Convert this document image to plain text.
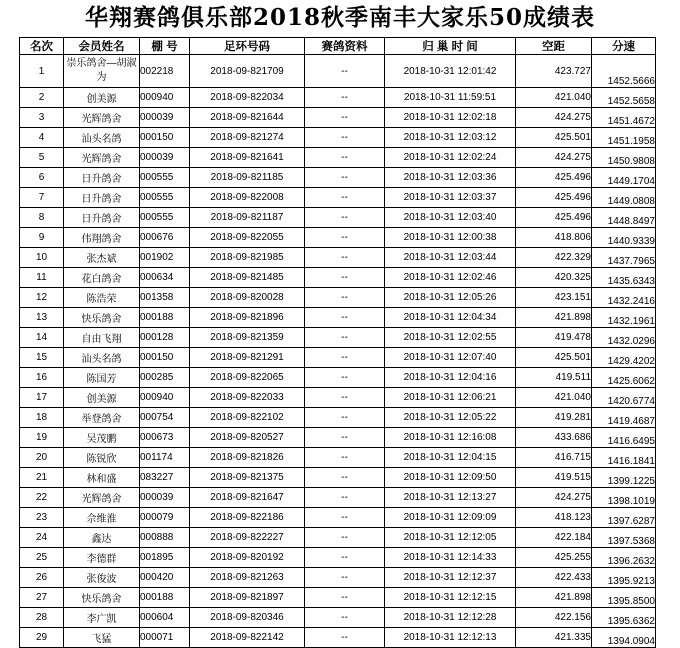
华翔赛鸽俱乐部2018秋季南丰大家乐50成绩表
名次	会员姓名	棚 号	足环号码	赛鸽资料	归 巢 时 间	空距	分速
1	崇乐鸽舍—胡淑为	002218	2018-09-821709	--	2018-10-31 12:01:42	423.727	1452.5666
2	创美源	000940	2018-09-822034	--	2018-10-31 11:59:51	421.040	1452.5658
3	光辉鸽舍	000039	2018-09-821644	--	2018-10-31 12:02:18	424.275	1451.4672
4	汕头名鸽	000150	2018-09-821274	--	2018-10-31 12:03:12	425.501	1451.1958
5	光辉鸽舍	000039	2018-09-821641	--	2018-10-31 12:02:24	424.275	1450.9808
6	日升鸽舍	000555	2018-09-821185	--	2018-10-31 12:03:36	425.496	1449.1704
7	日升鸽舍	000555	2018-09-822008	--	2018-10-31 12:03:37	425.496	1449.0808
8	日升鸽舍	000555	2018-09-821187	--	2018-10-31 12:03:40	425.496	1448.8497
9	伟翔鸽舍	000676	2018-09-822055	--	2018-10-31 12:00:38	418.806	1440.9339
10	张杰斌	001902	2018-09-821985	--	2018-10-31 12:03:44	422.329	1437.7965
11	花白鸽舍	000634	2018-09-821485	--	2018-10-31 12:02:46	420.325	1435.6343
12	陈浩荣	001358	2018-09-820028	--	2018-10-31 12:05:26	423.151	1432.2416
13	快乐鸽舍	000188	2018-09-821896	--	2018-10-31 12:04:34	421.898	1432.1961
14	自由飞翔	000128	2018-09-821359	--	2018-10-31 12:02:55	419.478	1432.0296
15	汕头名鸽	000150	2018-09-821291	--	2018-10-31 12:07:40	425.501	1429.4202
16	陈国芳	000285	2018-09-822065	--	2018-10-31 12:04:16	419.511	1425.6062
17	创美源	000940	2018-09-822033	--	2018-10-31 12:06:21	421.040	1420.6774
18	举登鸽舍	000754	2018-09-822102	--	2018-10-31 12:05:22	419.281	1419.4687
19	吴茂鹏	000673	2018-09-820527	--	2018-10-31 12:16:08	433.686	1416.6495
20	陈锐欣	001174	2018-09-821826	--	2018-10-31 12:04:15	416.715	1416.1841
21	林和盛	083227	2018-09-821375	--	2018-10-31 12:09:50	419.515	1399.1225
22	光辉鸽舍	000039	2018-09-821647	--	2018-10-31 12:13:27	424.275	1398.1019
23	佘维淮	000079	2018-09-822186	--	2018-10-31 12:09:09	418.123	1397.6287
24	鑫达	000888	2018-09-822227	--	2018-10-31 12:12:05	422.184	1397.5368
25	李德群	001895	2018-09-820192	--	2018-10-31 12:14:33	425.255	1396.2632
26	张俊波	000420	2018-09-821263	--	2018-10-31 12:12:37	422.433	1395.9213
27	快乐鸽舍	000188	2018-09-821897	--	2018-10-31 12:12:15	421.898	1395.8500
28	李广凯	000604	2018-09-820346	--	2018-10-31 12:12:28	422.156	1395.6362
29	飞猛	000071	2018-09-822142	--	2018-10-31 12:12:13	421.335	1394.0904
